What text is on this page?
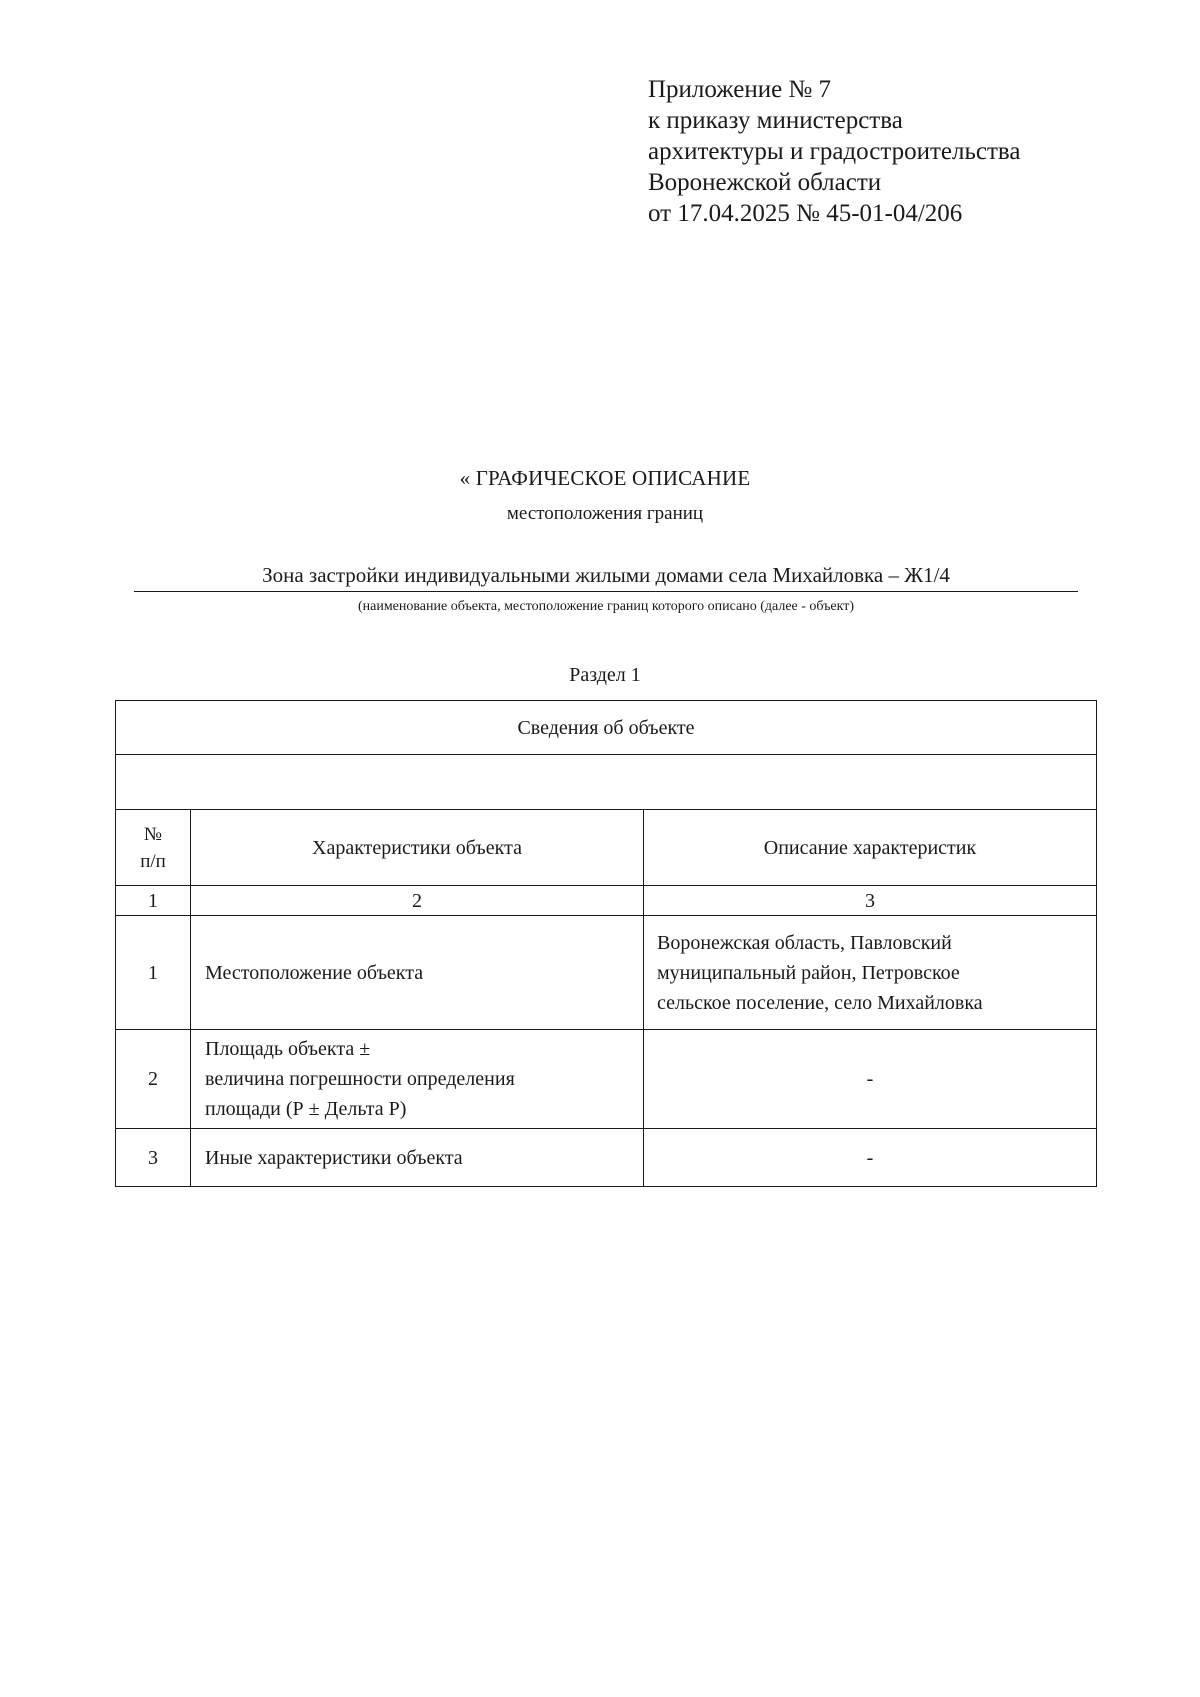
Приложение № 7
к приказу министерства
архитектуры и градостроительства
Воронежской области
от 17.04.2025 № 45-01-04/206
« ГРАФИЧЕСКОЕ ОПИСАНИЕ
местоположения границ
Зона застройки индивидуальными жилыми домами села Михайловка – Ж1/4
(наименование объекта, местоположение границ которого описано (далее - объект)
Раздел 1
Сведения об объекте		

№
п/п	Характеристики объекта	Описание характеристик
1	2	3
1	Местоположение объекта	Воронежская область, Павловский
муниципальный район, Петровское
сельское поселение, село Михайловка

2	Площадь объекта ±
величина погрешности определения
площади (Р ± Дельта Р)	-

3	Иные характеристики объекта	-
